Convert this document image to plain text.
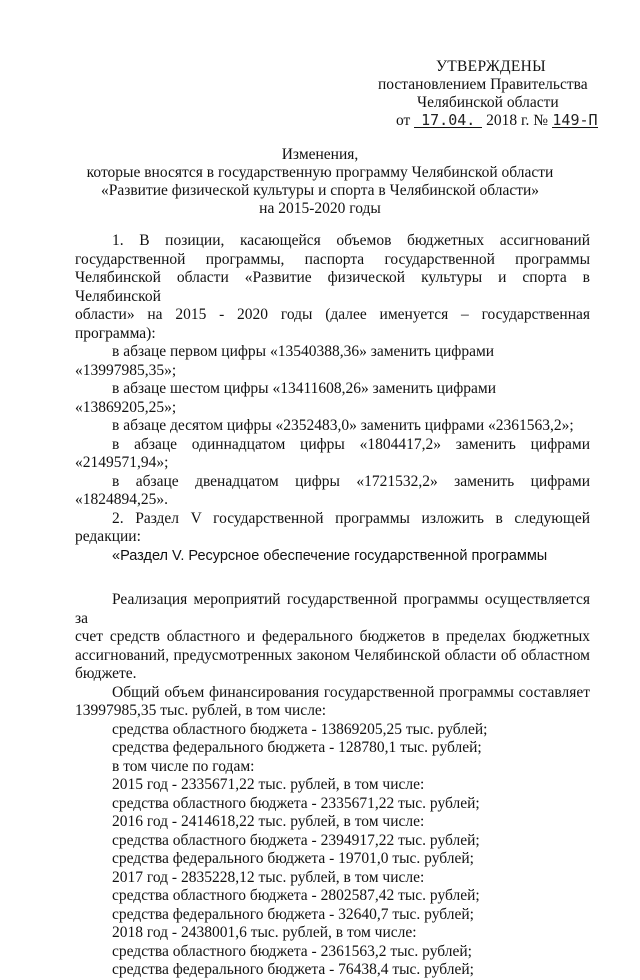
УТВЕРЖДЕНЫ
постановлением Правительства
Челябинской области
от 17.04. 2018 г. № 149-П
Изменения,
которые вносятся в государственную программу Челябинской области
«Развитие физической культуры и спорта в Челябинской области»
на 2015-2020 годы
1. В позиции, касающейся объемов бюджетных ассигнований
государственной программы, паспорта государственной программы
Челябинской области «Развитие физической культуры и спорта в Челябинской
области» на 2015 - 2020 годы (далее именуется – государственная программа):
в абзаце первом цифры «13540388,36» заменить цифрами «13997985,35»;
в абзаце шестом цифры «13411608,26» заменить цифрами «13869205,25»;
в абзаце десятом цифры «2352483,0» заменить цифрами «2361563,2»;
в абзаце одиннадцатом цифры «1804417,2» заменить цифрами
«2149571,94»;
в абзаце двенадцатом цифры «1721532,2» заменить цифрами
«1824894,25».
2. Раздел V государственной программы изложить в следующей
редакции:
«Раздел V. Ресурсное обеспечение государственной программы
Реализация мероприятий государственной программы осуществляется за
счет средств областного и федерального бюджетов в пределах бюджетных
ассигнований, предусмотренных законом Челябинской области об областном
бюджете.
Общий объем финансирования государственной программы составляет
13997985,35 тыс. рублей, в том числе:
средства областного бюджета - 13869205,25 тыс. рублей;
средства федерального бюджета - 128780,1 тыс. рублей;
в том числе по годам:
2015 год - 2335671,22 тыс. рублей, в том числе:
средства областного бюджета - 2335671,22 тыс. рублей;
2016 год - 2414618,22 тыс. рублей, в том числе:
средства областного бюджета - 2394917,22 тыс. рублей;
средства федерального бюджета - 19701,0 тыс. рублей;
2017 год - 2835228,12 тыс. рублей, в том числе:
средства областного бюджета - 2802587,42 тыс. рублей;
средства федерального бюджета - 32640,7 тыс. рублей;
2018 год - 2438001,6 тыс. рублей, в том числе:
средства областного бюджета - 2361563,2 тыс. рублей;
средства федерального бюджета - 76438,4 тыс. рублей;
